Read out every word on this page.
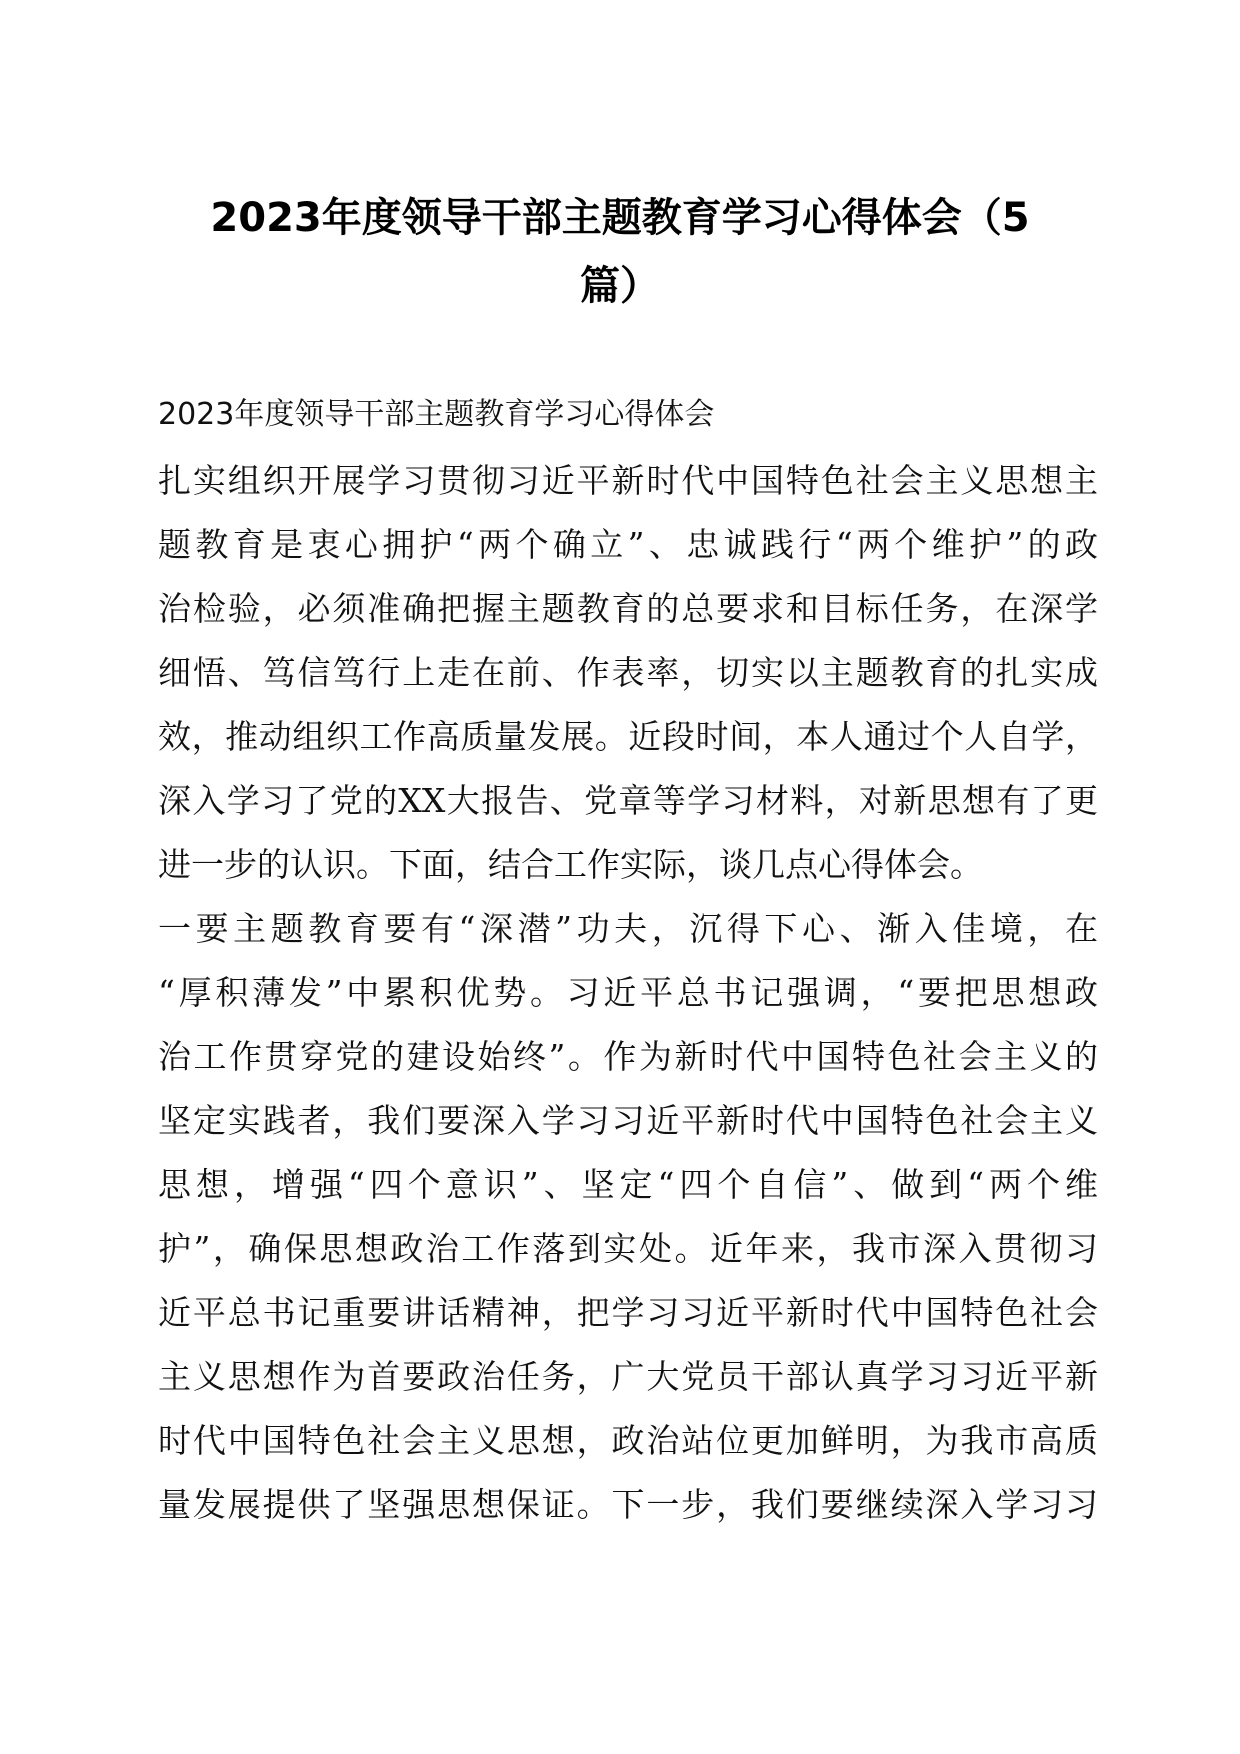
2023年度领导干部主题教育学习心得体会（5
篇）
2023年度领导干部主题教育学习心得体会
扎实组织开展学习贯彻习近平新时代中国特色社会主义思想主
题教育是衷心拥护“两个确立”、忠诚践行“两个维护”的政
治检验，必须准确把握主题教育的总要求和目标任务，在深学
细悟、笃信笃行上走在前、作表率，切实以主题教育的扎实成
效，推动组织工作高质量发展。近段时间，本人通过个人自学，
深入学习了党的XX大报告、党章等学习材料，对新思想有了更
进一步的认识。下面，结合工作实际，谈几点心得体会。
一要主题教育要有“深潜”功夫，沉得下心、渐入佳境，在
“厚积薄发”中累积优势。习近平总书记强调，“要把思想政
治工作贯穿党的建设始终”。作为新时代中国特色社会主义的
坚定实践者，我们要深入学习习近平新时代中国特色社会主义
思想，增强“四个意识”、坚定“四个自信”、做到“两个维
护”，确保思想政治工作落到实处。近年来，我市深入贯彻习
近平总书记重要讲话精神，把学习习近平新时代中国特色社会
主义思想作为首要政治任务，广大党员干部认真学习习近平新
时代中国特色社会主义思想，政治站位更加鲜明，为我市高质
量发展提供了坚强思想保证。下一步，我们要继续深入学习习
